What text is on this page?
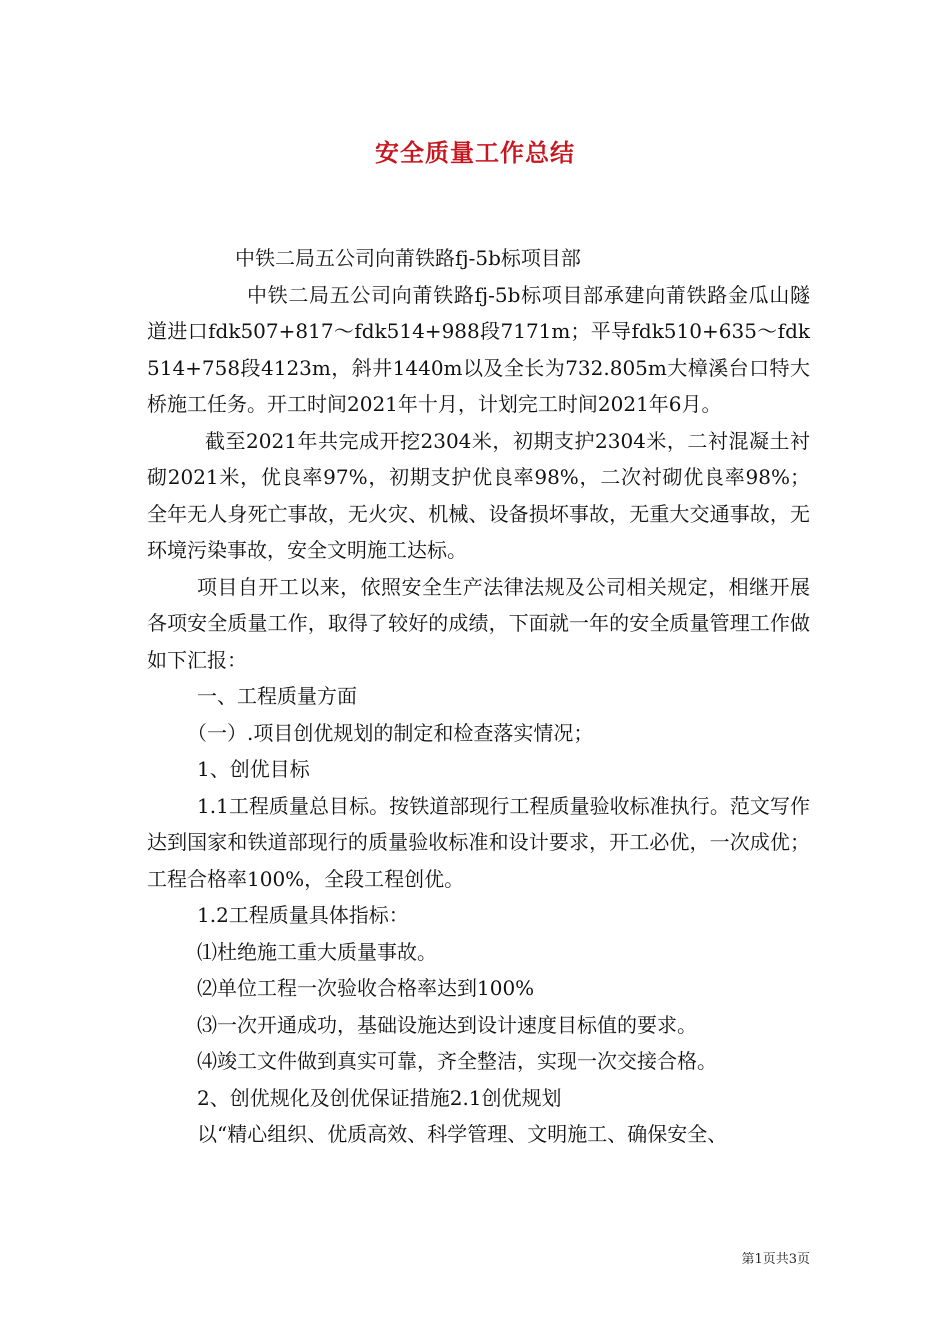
安全质量工作总结

中铁二局五公司向莆铁路fj-5b标项目部

中铁二局五公司向莆铁路fj-5b标项目部承建向莆铁路金瓜山隧道进口fdk507+817～fdk514+988段7171m；平导fdk510+635～fdk514+758段4123m，斜井1440m以及全长为732.805m大樟溪台口特大桥施工任务。开工时间2021年十月，计划完工时间2021年6月。

截至2021年共完成开挖2304米，初期支护2304米，二衬混凝土衬砌2021米，优良率97%，初期支护优良率98%，二次衬砌优良率98%；全年无人身死亡事故，无火灾、机械、设备损坏事故，无重大交通事故，无环境污染事故，安全文明施工达标。

项目自开工以来，依照安全生产法律法规及公司相关规定，相继开展各项安全质量工作，取得了较好的成绩，下面就一年的安全质量管理工作做如下汇报：

一、工程质量方面

（一）.项目创优规划的制定和检查落实情况；

1、创优目标

1.1工程质量总目标。按铁道部现行工程质量验收标准执行。范文写作达到国家和铁道部现行的质量验收标准和设计要求，开工必优，一次成优；工程合格率100%，全段工程创优。

1.2工程质量具体指标：

⑴杜绝施工重大质量事故。

⑵单位工程一次验收合格率达到100%

⑶一次开通成功，基础设施达到设计速度目标值的要求。

⑷竣工文件做到真实可靠，齐全整洁，实现一次交接合格。

2、创优规化及创优保证措施2.1创优规划

以“精心组织、优质高效、科学管理、文明施工、确保安全、

第1页共3页
